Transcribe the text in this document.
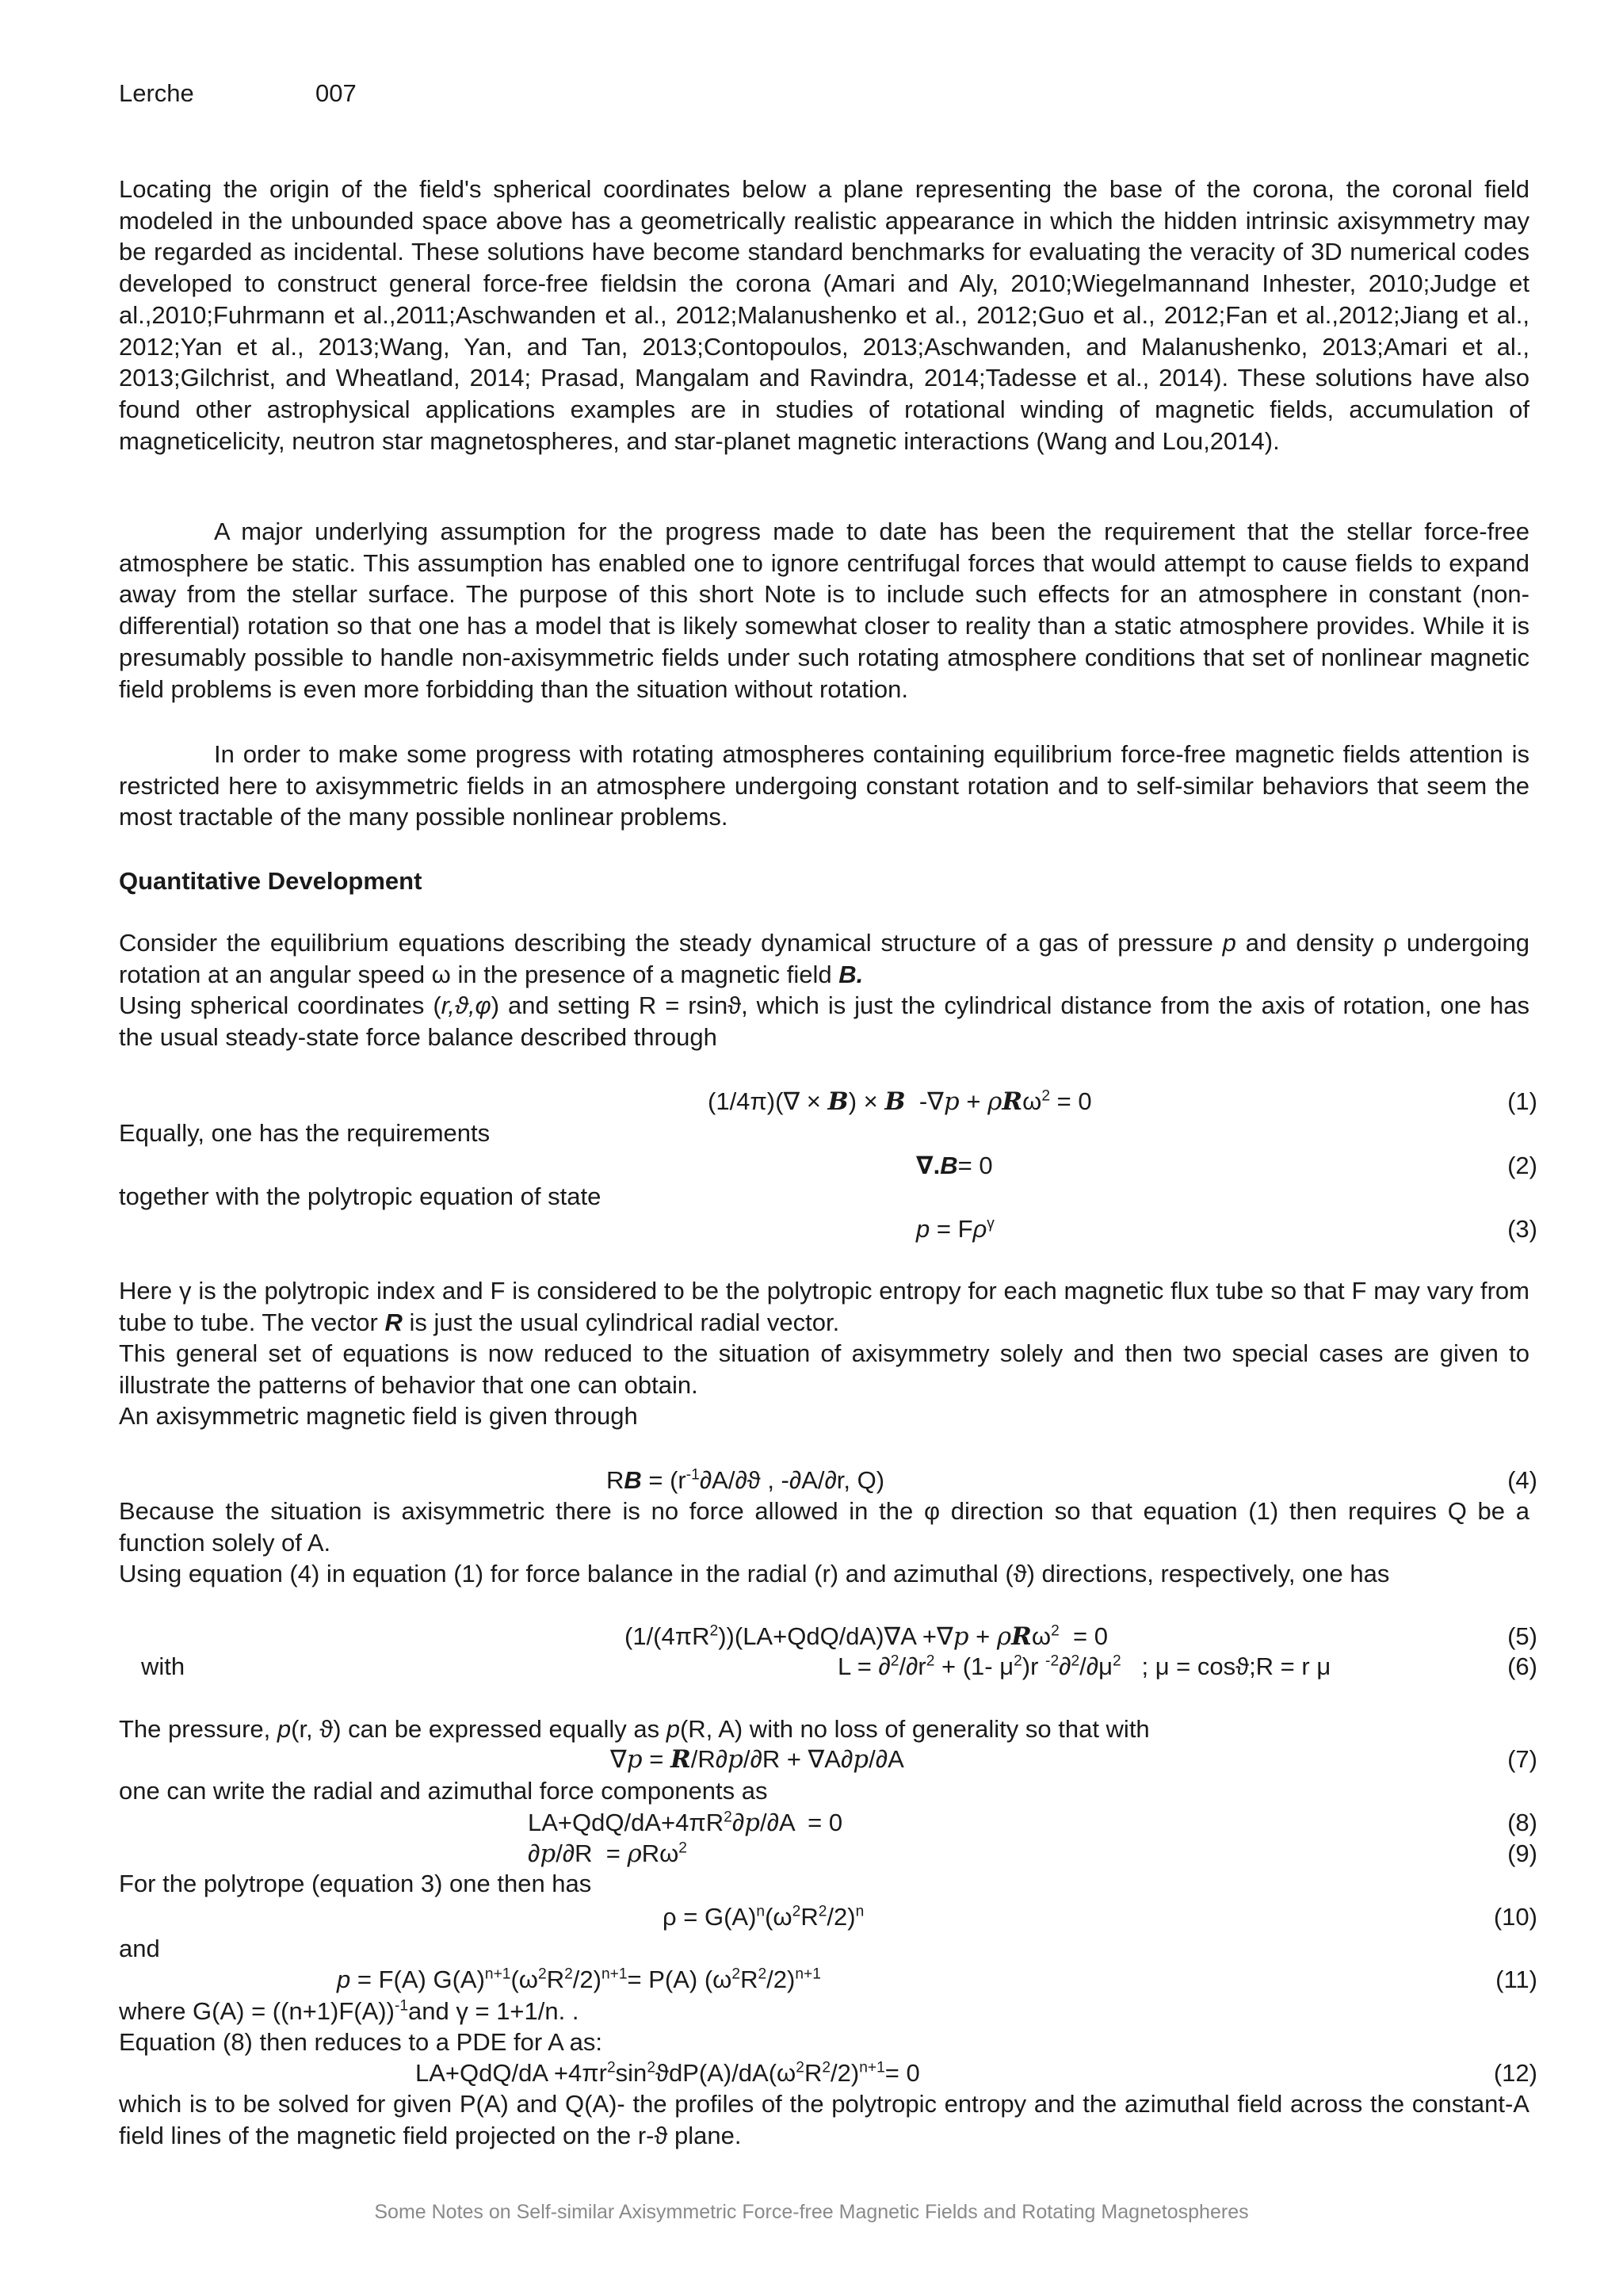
Lerche	007

Locating the origin of the field's spherical coordinates below a plane representing the base of the corona, the coronal field modeled in the unbounded space above has a geometrically realistic appearance in which the hidden intrinsic axisymmetry may be regarded as incidental. These solutions have become standard benchmarks for evaluating the veracity of 3D numerical codes developed to construct general force-free fieldsin the corona (Amari and Aly, 2010;Wiegelmannand Inhester, 2010;Judge et al.,2010;Fuhrmann et al.,2011;Aschwanden et al., 2012;Malanushenko et al., 2012;Guo et al., 2012;Fan et al.,2012;Jiang et al., 2012;Yan et al., 2013;Wang, Yan, and Tan, 2013;Contopoulos, 2013;Aschwanden, and Malanushenko, 2013;Amari et al., 2013;Gilchrist, and Wheatland, 2014; Prasad, Mangalam and Ravindra, 2014;Tadesse et al., 2014). These solutions have also found other astrophysical applications examples are in studies of rotational winding of magnetic fields, accumulation of magneticelicity, neutron star magnetospheres, and star-planet magnetic interactions (Wang and Lou,2014).

A major underlying assumption for the progress made to date has been the requirement that the stellar force-free atmosphere be static. This assumption has enabled one to ignore centrifugal forces that would attempt to cause fields to expand away from the stellar surface. The purpose of this short Note is to include such effects for an atmosphere in constant (non-differential) rotation so that one has a model that is likely somewhat closer to reality than a static atmosphere provides. While it is presumably possible to handle non-axisymmetric fields under such rotating atmosphere conditions that set of nonlinear magnetic field problems is even more forbidding than the situation without rotation.

In order to make some progress with rotating atmospheres containing equilibrium force-free magnetic fields attention is restricted here to axisymmetric fields in an atmosphere undergoing constant rotation and to self-similar behaviors that seem the most tractable of the many possible nonlinear problems.

Quantitative Development

Consider the equilibrium equations describing the steady dynamical structure of a gas of pressure p and density ρ undergoing rotation at an angular speed ω in the presence of a magnetic field B.

Using spherical coordinates (r,ϑ,φ) and setting R = rsinϑ, which is just the cylindrical distance from the axis of rotation, one has the usual steady-state force balance described through

(1/4π)(∇ × B) × B  -∇p + ρRω$^2$ = 0	(1)
Equally, one has the requirements
∇.B= 0	(2)
together with the polytropic equation of state
$p = F\rho^\gamma$	(3)

Here γ is the polytropic index and F is considered to be the polytropic entropy for each magnetic flux tube so that F may vary from tube to tube. The vector R is just the usual cylindrical radial vector.

This general set of equations is now reduced to the situation of axisymmetry solely and then two special cases are given to illustrate the patterns of behavior that one can obtain.

An axisymmetric magnetic field is given through
RB = ($r^{-1}\partial A/\partial ϑ$ , -∂A/∂r, Q)	(4)

Because the situation is axisymmetric there is no force allowed in the φ direction so that equation (1) then requires Q be a function solely of A.

Using equation (4) in equation (1) for force balance in the radial (r) and azimuthal (ϑ) directions, respectively, one has

$(1/(4\pi R^2))(LA+QdQ/dA)\nabla A +\nabla p + \rho R\omega^2 = 0$	(5)
with	$L = \partial^2/\partial r^2 + (1-$ $\mu^2)r$ $^{-2}\partial^2/\partial\mu^2$   ; μ = cosϑ;R = r μ	(6)
The pressure, p(r, ϑ) can be expressed equally as p(R, A) with no loss of generality so that with
∇p = R/R∂p/∂R + ∇A∂p/∂A	(7)
one can write the radial and azimuthal force components as
$LA+QdQ/dA+4\pi R^2\partial p/\partial A = 0$	(8)
∂p/∂R  = ρRω$^2$	(9)
For the polytrope (equation 3) one then has
$\rho = G(A)^n(\omega^2R^2/2)^n$	(10)
and
p = F(A) $G(A)^{n+1}(\omega^2R^2/2)^{n+1}= P(A)$ $(\omega^2R^2/2)^{n+1}$	(11)
where $G(A) = ((n+1)F(A))^{-1}and$ γ = 1+1/n. .
Equation (8) then reduces to a PDE for A as:
$LA+QdQ/dA +4\pi r^2\sin^2ϑdP(A)/dA(\omega^2R^2/2)^{n+1}= 0$	(12)

which is to be solved for given P(A) and Q(A)- the profiles of the polytropic entropy and the azimuthal field across the constant-A field lines of the magnetic field projected on the r-ϑ plane.

Some Notes on Self-similar Axisymmetric Force-free Magnetic Fields and Rotating Magnetospheres
